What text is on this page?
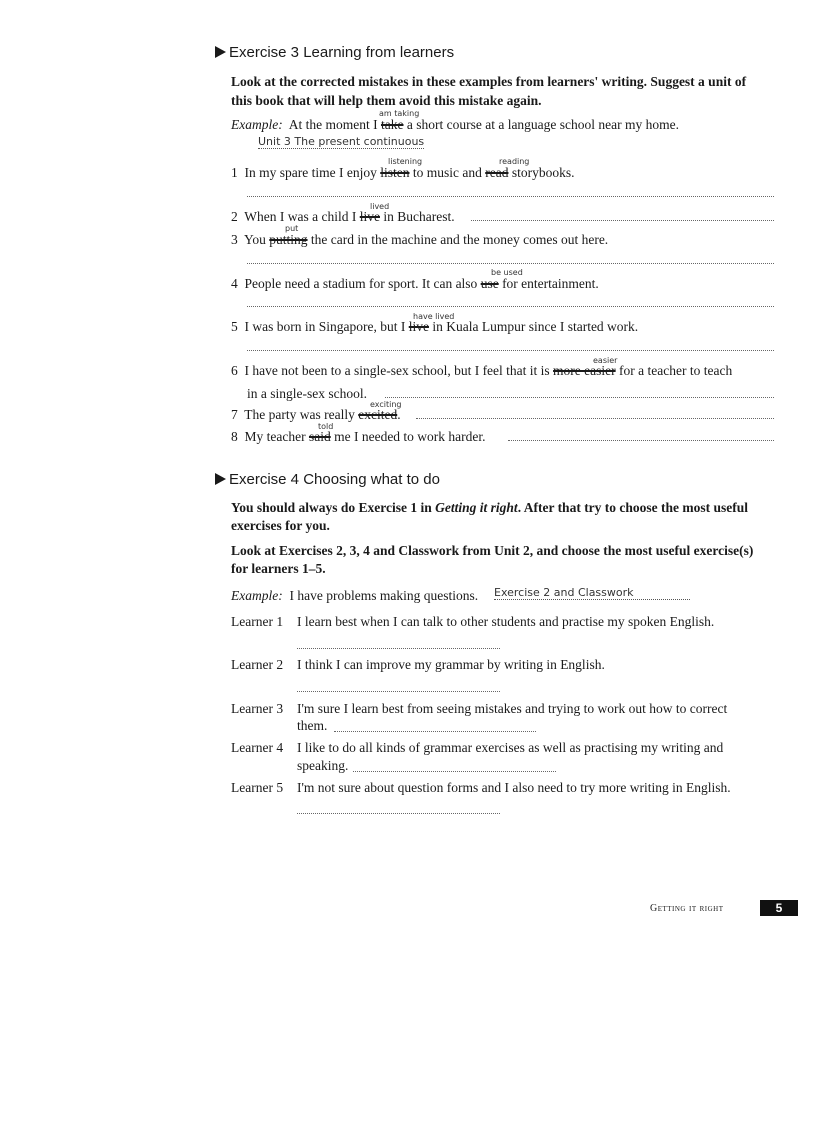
Exercise 3 Learning from learners
Look at the corrected mistakes in these examples from learners' writing. Suggest a unit of
this book that will help them avoid this mistake again.
am taking
Example: At the moment I take a short course at a language school near my home.
Unit 3 The present continuous
listening	reading
1 In my spare time I enjoy listen to music and read storybooks.
lived
2 When I was a child I live in Bucharest.
put
3 You putting the card in the machine and the money comes out here.
be used
4 People need a stadium for sport. It can also use for entertainment.
have lived
5 I was born in Singapore, but I live in Kuala Lumpur since I started work.
easier
6 I have not been to a single-sex school, but I feel that it is more easier for a teacher to teach
in a single-sex school.
exciting
7 The party was really excited.
told
8 My teacher said me I needed to work harder.
Exercise 4 Choosing what to do
You should always do Exercise 1 in Getting it right. After that try to choose the most useful
exercises for you.
Look at Exercises 2, 3, 4 and Classwork from Unit 2, and choose the most useful exercise(s)
for learners 1–5.
Example: I have problems making questions. Exercise 2 and Classwork
Learner 1 I learn best when I can talk to other students and practise my spoken English.
Learner 2 I think I can improve my grammar by writing in English.
Learner 3 I'm sure I learn best from seeing mistakes and trying to work out how to correct
them.
Learner 4 I like to do all kinds of grammar exercises as well as practising my writing and
speaking.
Learner 5 I'm not sure about question forms and I also need to try more writing in English.
Getting it right	5
